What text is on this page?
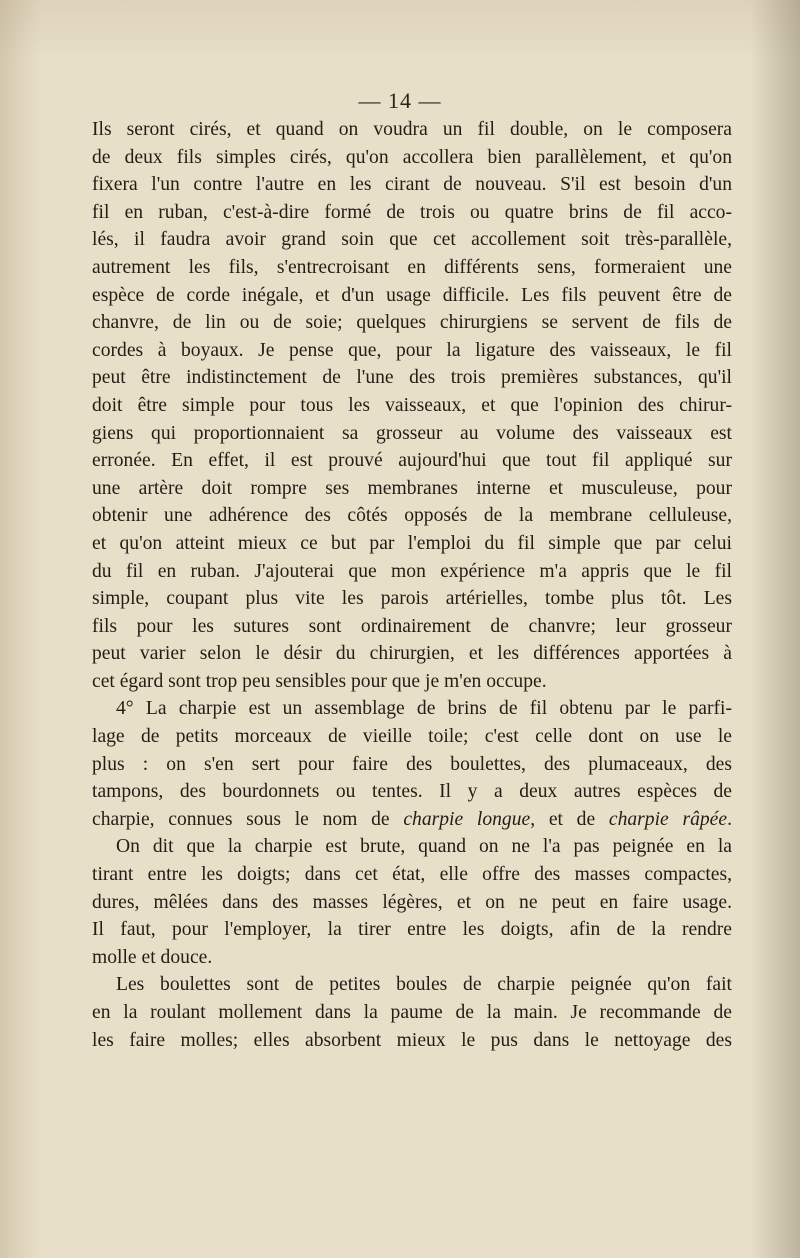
— 14 —
Ils seront cirés, et quand on voudra un fil double, on le composera
de deux fils simples cirés, qu'on accollera bien parallèlement, et qu'on
fixera l'un contre l'autre en les cirant de nouveau. S'il est besoin d'un
fil en ruban, c'est-à-dire formé de trois ou quatre brins de fil acco-
lés, il faudra avoir grand soin que cet accollement soit très-parallèle,
autrement les fils, s'entrecroisant en différents sens, formeraient une
espèce de corde inégale, et d'un usage difficile. Les fils peuvent être de
chanvre, de lin ou de soie; quelques chirurgiens se servent de fils de
cordes à boyaux. Je pense que, pour la ligature des vaisseaux, le fil
peut être indistinctement de l'une des trois premières substances, qu'il
doit être simple pour tous les vaisseaux, et que l'opinion des chirur-
giens qui proportionnaient sa grosseur au volume des vaisseaux est
erronée. En effet, il est prouvé aujourd'hui que tout fil appliqué sur
une artère doit rompre ses membranes interne et musculeuse, pour
obtenir une adhérence des côtés opposés de la membrane celluleuse,
et qu'on atteint mieux ce but par l'emploi du fil simple que par celui
du fil en ruban. J'ajouterai que mon expérience m'a appris que le fil
simple, coupant plus vite les parois artérielles, tombe plus tôt. Les
fils pour les sutures sont ordinairement de chanvre; leur grosseur
peut varier selon le désir du chirurgien, et les différences apportées à
cet égard sont trop peu sensibles pour que je m'en occupe.
4° La charpie est un assemblage de brins de fil obtenu par le parfi-
lage de petits morceaux de vieille toile; c'est celle dont on use le
plus : on s'en sert pour faire des boulettes, des plumaceaux, des
tampons, des bourdonnets ou tentes. Il y a deux autres espèces de
charpie, connues sous le nom de charpie longue, et de charpie râpée.
On dit que la charpie est brute, quand on ne l'a pas peignée en la
tirant entre les doigts; dans cet état, elle offre des masses compactes,
dures, mêlées dans des masses légères, et on ne peut en faire usage.
Il faut, pour l'employer, la tirer entre les doigts, afin de la rendre
molle et douce.
Les boulettes sont de petites boules de charpie peignée qu'on fait
en la roulant mollement dans la paume de la main. Je recommande de
les faire molles; elles absorbent mieux le pus dans le nettoyage des
